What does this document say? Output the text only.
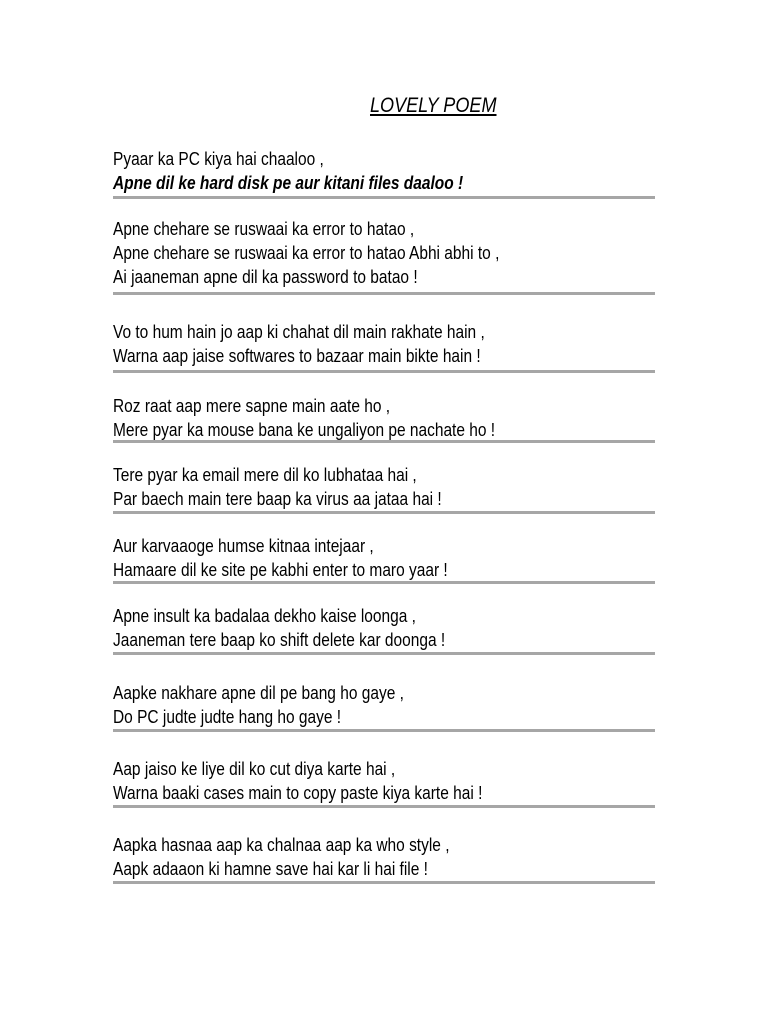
LOVELY POEM
Pyaar ka PC kiya hai chaaloo ,
Apne dil ke hard disk pe aur kitani files daaloo !
Apne chehare se ruswaai ka error to hatao ,
Apne chehare se ruswaai ka error to hatao Abhi abhi to ,
Ai jaaneman apne dil ka password to batao !
Vo to hum hain jo aap ki chahat dil main rakhate hain ,
Warna aap jaise softwares to bazaar main bikte hain !
Roz raat aap mere sapne main aate ho ,
Mere pyar ka mouse bana ke ungaliyon pe nachate ho !
Tere pyar ka email mere dil ko lubhataa hai ,
Par baech main tere baap ka virus aa jataa hai !
Aur karvaaoge humse kitnaa intejaar ,
Hamaare dil ke site pe kabhi enter to maro yaar !
Apne insult ka badalaa dekho kaise loonga ,
Jaaneman tere baap ko shift delete kar doonga !
Aapke nakhare apne dil pe bang ho gaye ,
Do PC judte judte hang ho gaye !
Aap jaiso ke liye dil ko cut diya karte hai ,
Warna baaki cases main to copy paste kiya karte hai !
Aapka hasnaa aap ka chalnaa aap ka who style ,
Aapk adaaon ki hamne save hai kar li hai file !
